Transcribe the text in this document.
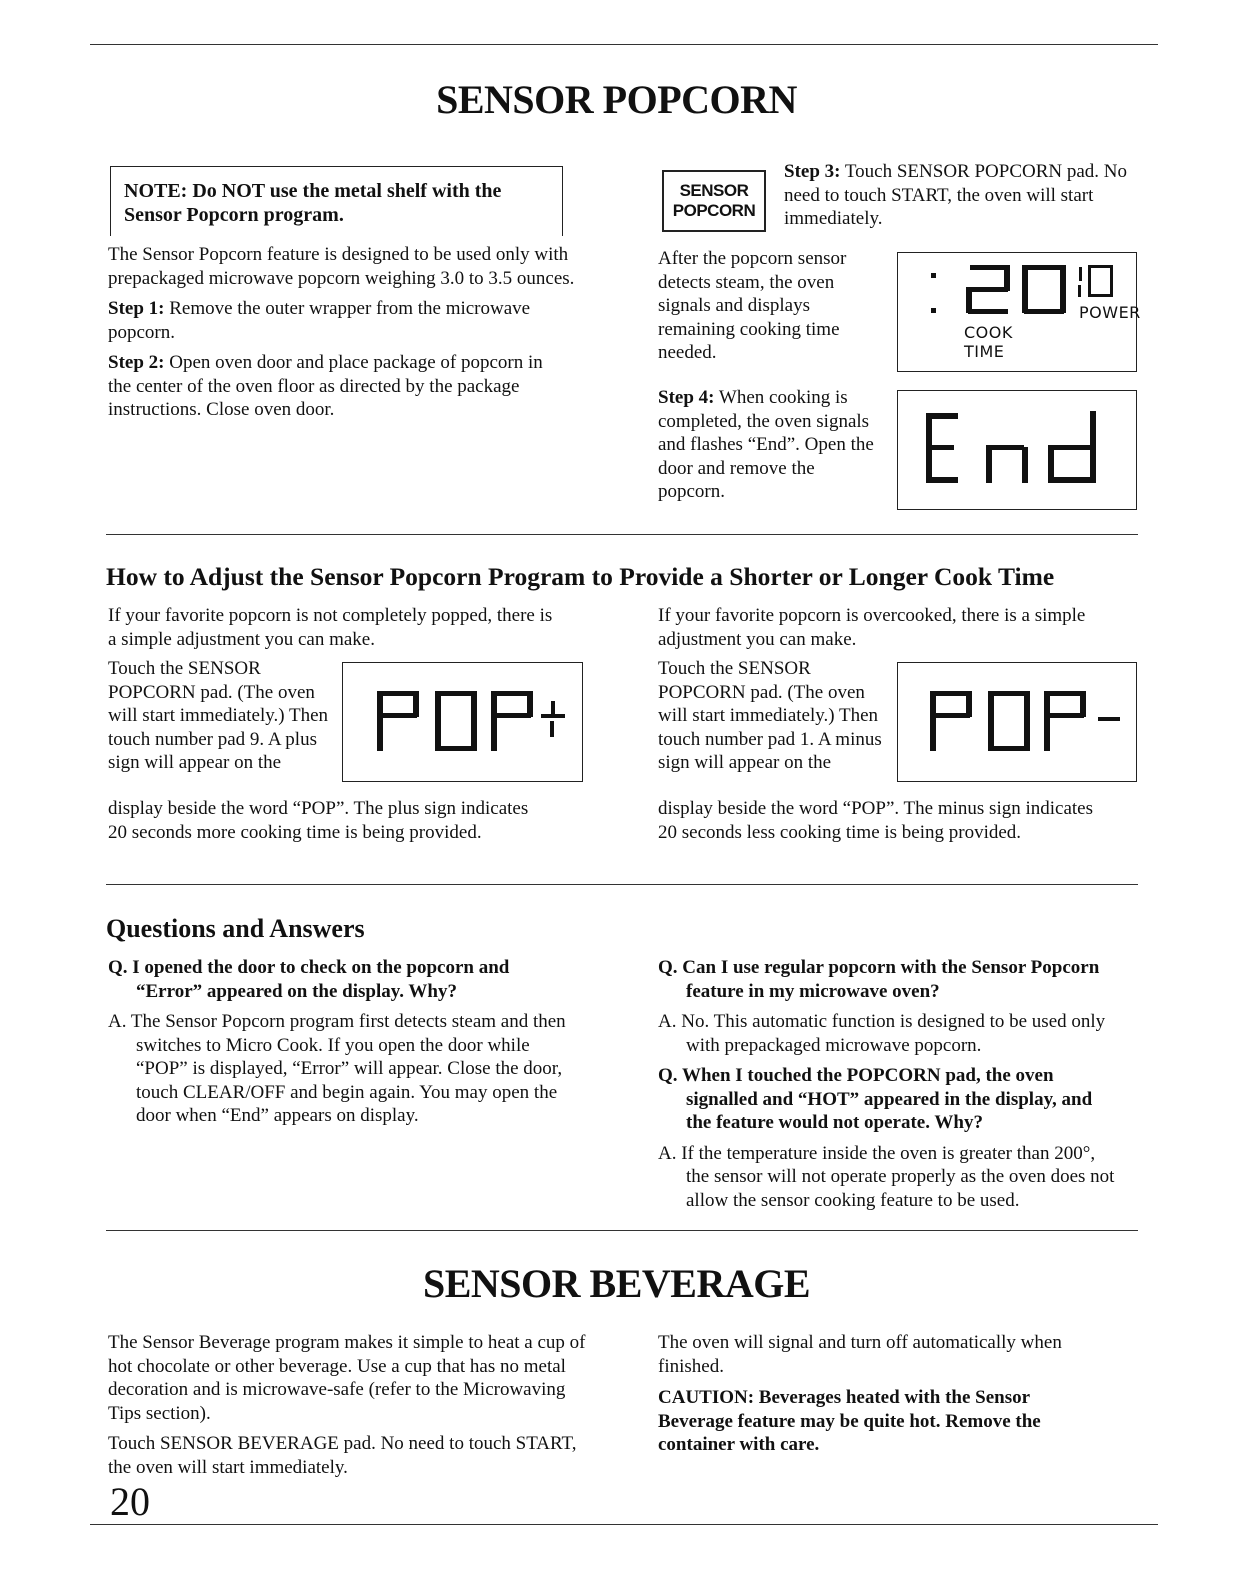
SENSOR POPCORN
NOTE: Do NOT use the metal shelf with the Sensor Popcorn program.

The Sensor Popcorn feature is designed to be used only with prepackaged microwave popcorn weighing 3.0 to 3.5 ounces.

Step 1: Remove the outer wrapper from the microwave popcorn.

Step 2: Open oven door and place package of popcorn in the center of the oven floor as directed by the package instructions. Close oven door.

SENSOR
POPCORN
Step 3: Touch SENSOR POPCORN pad. No need to touch START, the oven will start immediately.
After the popcorn sensor detects steam, the oven signals and displays remaining cooking time needed.
POWER
COOK
TIME
Step 4: When cooking is completed, the oven signals and flashes “End”. Open the door and remove the popcorn.
How to Adjust the Sensor Popcorn Program to Provide a Shorter or Longer Cook Time
If your favorite popcorn is not completely popped, there is a simple adjustment you can make.
Touch the SENSOR POPCORN pad. (The oven will start immediately.) Then touch number pad 9. A plus sign will appear on the
display beside the word “POP”. The plus sign indicates 20 seconds more cooking time is being provided.
If your favorite popcorn is overcooked, there is a simple adjustment you can make.
Touch the SENSOR POPCORN pad. (The oven will start immediately.) Then touch number pad 1. A minus sign will appear on the
display beside the word “POP”. The minus sign indicates 20 seconds less cooking time is being provided.
Questions and Answers

Q. I opened the door to check on the popcorn and “Error” appeared on the display. Why?

A. The Sensor Popcorn program first detects steam and then switches to Micro Cook. If you open the door while “POP” is displayed, “Error” will appear. Close the door, touch CLEAR/OFF and begin again. You may open the door when “End” appears on display.

Q. Can I use regular popcorn with the Sensor Popcorn feature in my microwave oven?

A. No. This automatic function is designed to be used only with prepackaged microwave popcorn.

Q. When I touched the POPCORN pad, the oven signalled and “HOT” appeared in the display, and the feature would not operate. Why?

A. If the temperature inside the oven is greater than 200°, the sensor will not operate properly as the oven does not allow the sensor cooking feature to be used.

SENSOR BEVERAGE

The Sensor Beverage program makes it simple to heat a cup of hot chocolate or other beverage. Use a cup that has no metal decoration and is microwave-safe (refer to the Microwaving Tips section).

Touch SENSOR BEVERAGE pad. No need to touch START, the oven will start immediately.

The oven will signal and turn off automatically when finished.

CAUTION: Beverages heated with the Sensor Beverage feature may be quite hot. Remove the container with care.

20
